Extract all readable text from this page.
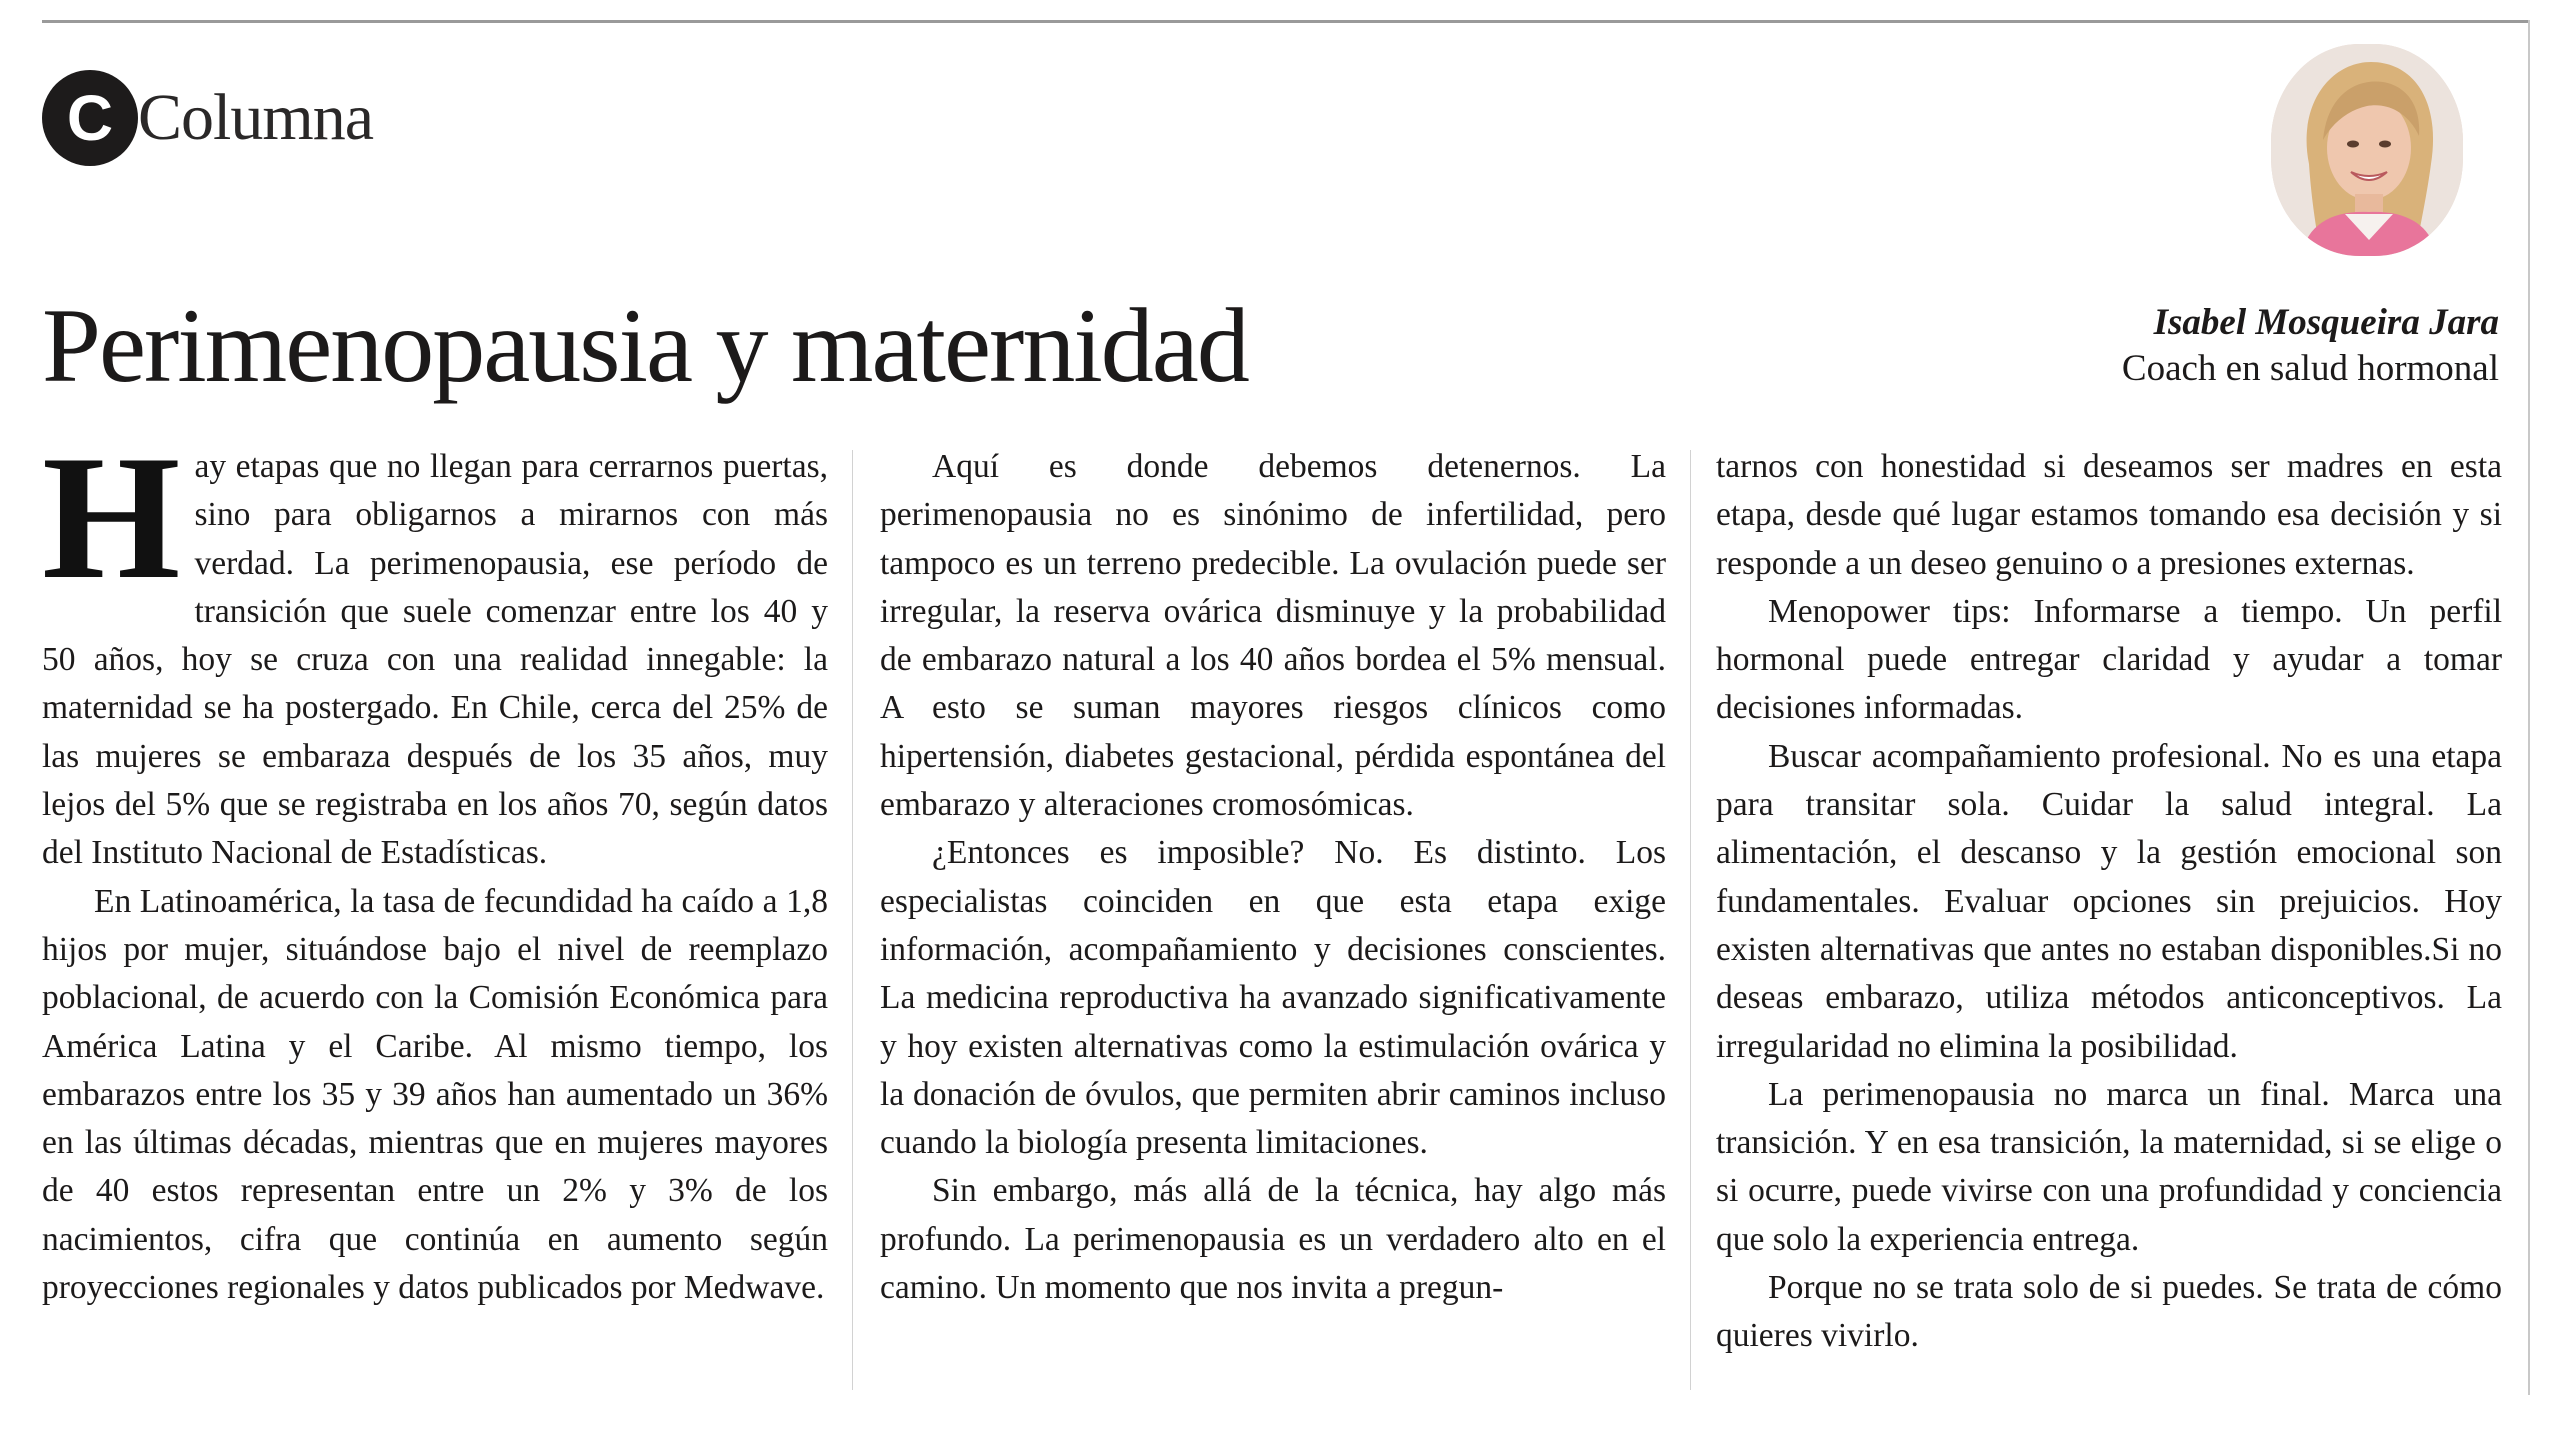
C Columna
Perimenopausia y maternidad	Isabel Mosqueira Jara
Coach en salud hormonal

Hay etapas que no llegan para cerrarnos puertas, sino para obligarnos a mirarnos con más verdad. La perimenopausia, ese período de transición que suele comenzar entre los 40 y 50 años, hoy se cruza con una realidad innegable: la maternidad se ha postergado. En Chile, cerca del 25% de las mujeres se embaraza después de los 35 años, muy lejos del 5% que se registraba en los años 70, según datos del Instituto Nacional de Estadísticas.

En Latinoamérica, la tasa de fecundidad ha caído a 1,8 hijos por mujer, situándose bajo el nivel de reemplazo poblacional, de acuerdo con la Comisión Económica para América Latina y el Caribe. Al mismo tiempo, los embarazos entre los 35 y 39 años han aumentado un 36% en las últimas décadas, mientras que en mujeres mayores de 40 estos representan entre un 2% y 3% de los nacimientos, cifra que continúa en aumento según proyecciones regionales y datos publicados por Medwave.

Aquí es donde debemos detenernos. La perimenopausia no es sinónimo de infertilidad, pero tampoco es un terreno predecible. La ovulación puede ser irregular, la reserva ovárica disminuye y la probabilidad de embarazo natural a los 40 años bordea el 5% mensual. A esto se suman mayores riesgos clínicos como hipertensión, diabetes gestacional, pérdida espontánea del embarazo y alteraciones cromosómicas.

¿Entonces es imposible? No. Es distinto. Los especialistas coinciden en que esta etapa exige información, acompañamiento y decisiones conscientes. La medicina reproductiva ha avanzado significativamente y hoy existen alternativas como la estimulación ovárica y la donación de óvulos, que permiten abrir caminos incluso cuando la biología presenta limitaciones.

Sin embargo, más allá de la técnica, hay algo más profundo. La perimenopausia es un verdadero alto en el camino. Un momento que nos invita a pregun-

tarnos con honestidad si deseamos ser madres en esta etapa, desde qué lugar estamos tomando esa decisión y si responde a un deseo genuino o a presiones externas.

Menopower tips: Informarse a tiempo. Un perfil hormonal puede entregar claridad y ayudar a tomar decisiones informadas.

Buscar acompañamiento profesional. No es una etapa para transitar sola. Cuidar la salud integral. La alimentación, el descanso y la gestión emocional son fundamentales. Evaluar opciones sin prejuicios. Hoy existen alternativas que antes no estaban disponibles.Si no deseas embarazo, utiliza métodos anticonceptivos. La irregularidad no elimina la posibilidad.

La perimenopausia no marca un final. Marca una transición. Y en esa transición, la maternidad, si se elige o si ocurre, puede vivirse con una profundidad y conciencia que solo la experiencia entrega.

Porque no se trata solo de si puedes. Se trata de cómo quieres vivirlo.
